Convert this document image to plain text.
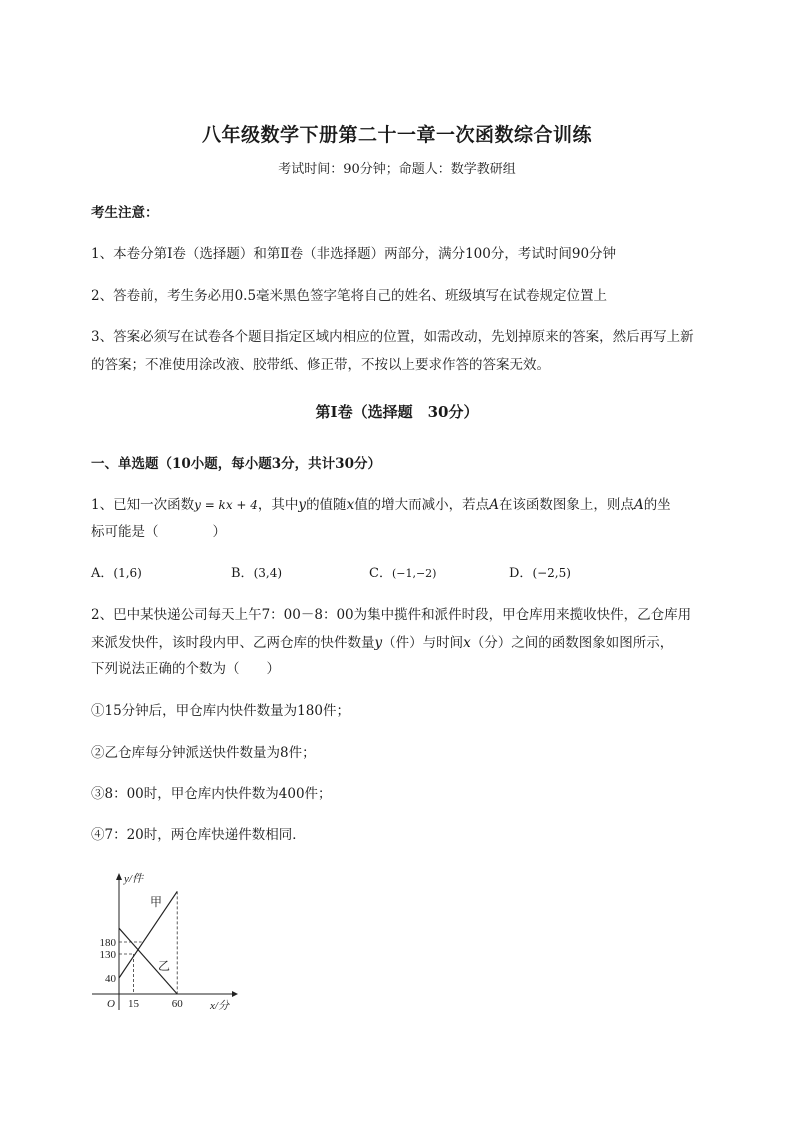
八年级数学下册第二十一章一次函数综合训练
考试时间：90分钟；命题人：数学教研组
考生注意：
1、本卷分第I卷（选择题）和第Ⅱ卷（非选择题）两部分，满分100分，考试时间90分钟
2、答卷前，考生务必用0.5毫米黑色签字笔将自己的姓名、班级填写在试卷规定位置上
3、答案必须写在试卷各个题目指定区域内相应的位置，如需改动，先划掉原来的答案，然后再写上新
的答案；不准使用涂改液、胶带纸、修正带，不按以上要求作答的答案无效。
第I卷（选择题　30分）
一、单选题（10小题，每小题3分，共计30分）
1、已知一次函数y = kx + 4，其中y的值随x值的增大而减小，若点A在该函数图象上，则点A的坐
标可能是（　　　　）
A．(1,6)	B．(3,4)	C．(−1,−2)	D．(−2,5)
2、巴中某快递公司每天上午7：00－8：00为集中揽件和派件时段，甲仓库用来揽收快件，乙仓库用
来派发快件，该时段内甲、乙两仓库的快件数量y（件）与时间x（分）之间的函数图象如图所示，
下列说法正确的个数为（　　）
①15分钟后，甲仓库内快件数量为180件；
②乙仓库每分钟派送快件数量为8件；
③8：00时，甲仓库内快件数为400件；
④7：20时，两仓库快递件数相同．
40
130
180
15	60
O	x/分
y/件
甲
乙
